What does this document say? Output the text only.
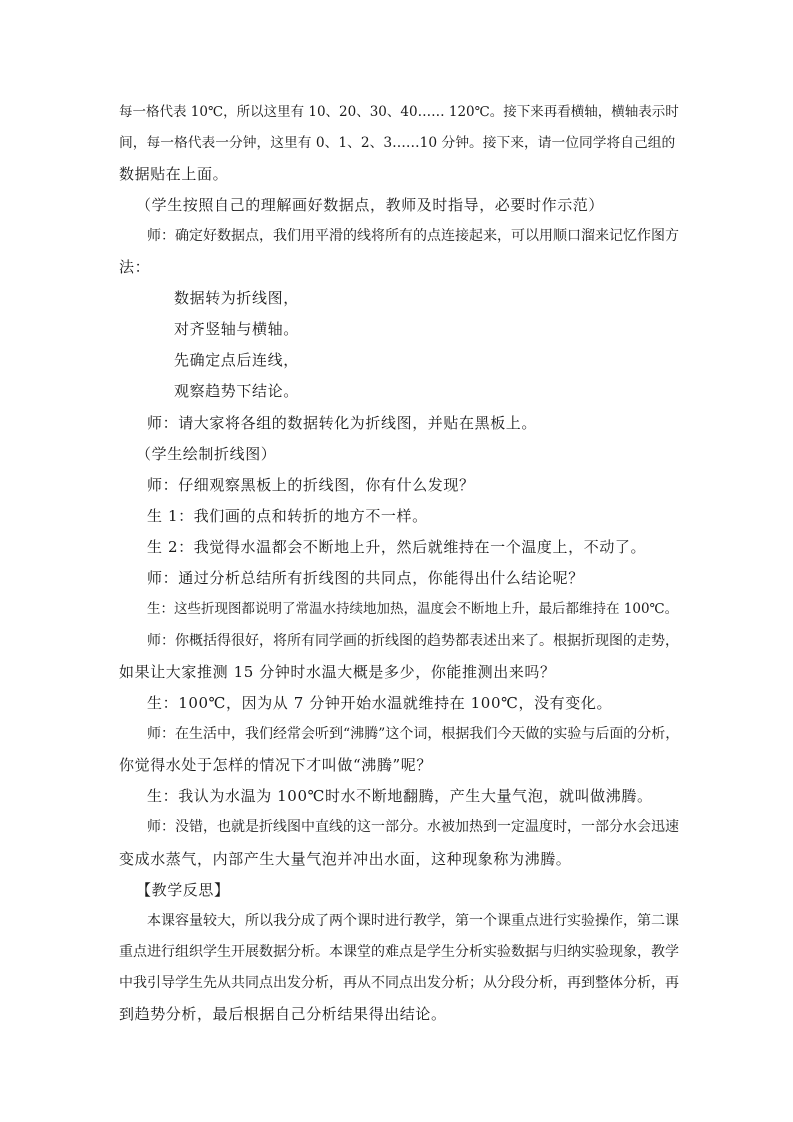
每一格代表 10℃，所以这里有 10、20、30、40…… 120℃。接下来再看横轴，横轴表示时
间，每一格代表一分钟，这里有 0、1、2、3……10 分钟。接下来，请一位同学将自己组的
数据贴在上面。
（学生按照自己的理解画好数据点，教师及时指导，必要时作示范）
师：确定好数据点，我们用平滑的线将所有的点连接起来，可以用顺口溜来记忆作图方
法：
数据转为折线图，
对齐竖轴与横轴。
先确定点后连线，
观察趋势下结论。
师：请大家将各组的数据转化为折线图，并贴在黑板上。
（学生绘制折线图）
师：仔细观察黑板上的折线图，你有什么发现？
生 1：我们画的点和转折的地方不一样。
生 2：我觉得水温都会不断地上升，然后就维持在一个温度上，不动了。
师：通过分析总结所有折线图的共同点，你能得出什么结论呢？
生：这些折现图都说明了常温水持续地加热，温度会不断地上升，最后都维持在 100℃。
师：你概括得很好，将所有同学画的折线图的趋势都表述出来了。根据折现图的走势，
如果让大家推测 15 分钟时水温大概是多少，你能推测出来吗？
生：100℃，因为从 7 分钟开始水温就维持在 100℃，没有变化。
师：在生活中，我们经常会听到“沸腾”这个词，根据我们今天做的实验与后面的分析，
你觉得水处于怎样的情况下才叫做“沸腾”呢？
生：我认为水温为 100℃时水不断地翻腾，产生大量气泡，就叫做沸腾。
师：没错，也就是折线图中直线的这一部分。水被加热到一定温度时，一部分水会迅速
变成水蒸气，内部产生大量气泡并冲出水面，这种现象称为沸腾。
【教学反思】
本课容量较大，所以我分成了两个课时进行教学，第一个课重点进行实验操作，第二课
重点进行组织学生开展数据分析。本课堂的难点是学生分析实验数据与归纳实验现象，教学
中我引导学生先从共同点出发分析，再从不同点出发分析；从分段分析，再到整体分析，再
到趋势分析，最后根据自己分析结果得出结论。
